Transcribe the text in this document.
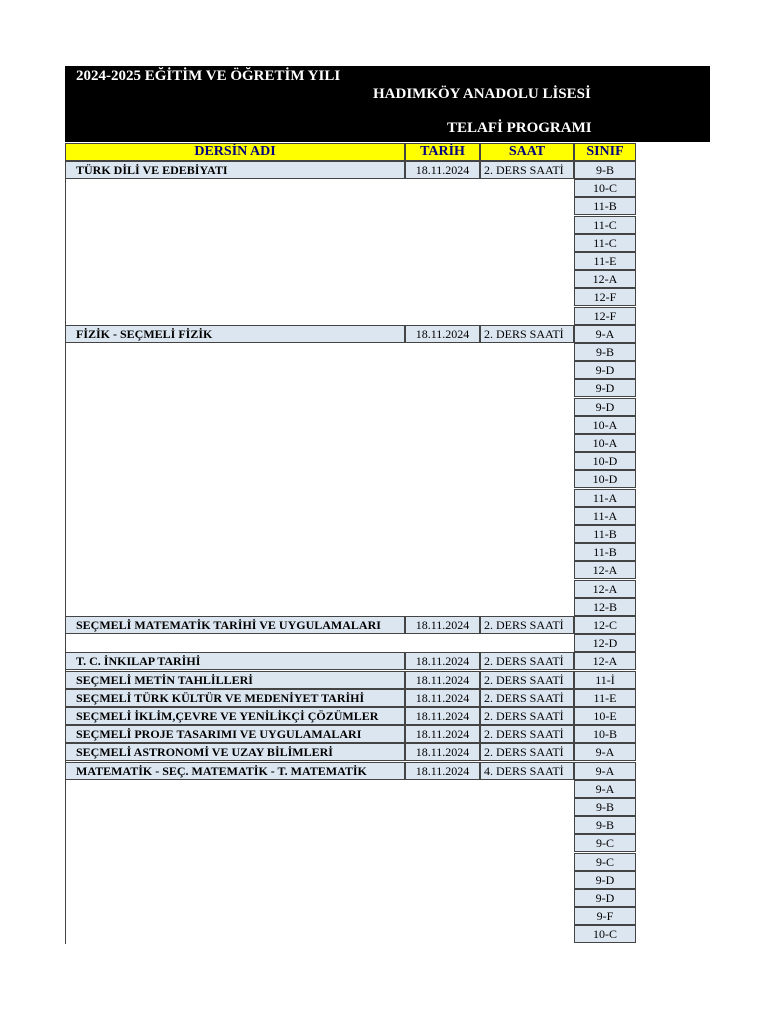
2024-2025 EĞİTİM VE ÖĞRETİM YILI
HADIMKÖY ANADOLU LİSESİ
TELAFİ PROGRAMI
DERSİN ADI	TARİH	SAAT	SINIF
TÜRK DİLİ VE EDEBİYATI	18.11.2024	2. DERS SAATİ	9-B
10-C
11-B
11-C
11-C
11-E
12-A
12-F
12-F
FİZİK - SEÇMELİ FİZİK	18.11.2024	2. DERS SAATİ	9-A
9-B
9-D
9-D
9-D
10-A
10-A
10-D
10-D
11-A
11-A
11-B
11-B
12-A
12-A
12-B
SEÇMELİ MATEMATİK TARİHİ VE UYGULAMALARI	18.11.2024	2. DERS SAATİ	12-C
12-D
T. C. İNKILAP TARİHİ	18.11.2024	2. DERS SAATİ	12-A
SEÇMELİ METİN TAHLİLLERİ	18.11.2024	2. DERS SAATİ	11-İ
SEÇMELİ TÜRK KÜLTÜR VE MEDENİYET TARİHİ	18.11.2024	2. DERS SAATİ	11-E
SEÇMELİ İKLİM,ÇEVRE VE YENİLİKÇİ ÇÖZÜMLER	18.11.2024	2. DERS SAATİ	10-E
SEÇMELİ PROJE TASARIMI VE UYGULAMALARI	18.11.2024	2. DERS SAATİ	10-B
SEÇMELİ ASTRONOMİ VE UZAY BİLİMLERİ	18.11.2024	2. DERS SAATİ	9-A
MATEMATİK - SEÇ. MATEMATİK - T. MATEMATİK	18.11.2024	4. DERS SAATİ	9-A
9-A
9-B
9-B
9-C
9-C
9-D
9-D
9-F
10-C
